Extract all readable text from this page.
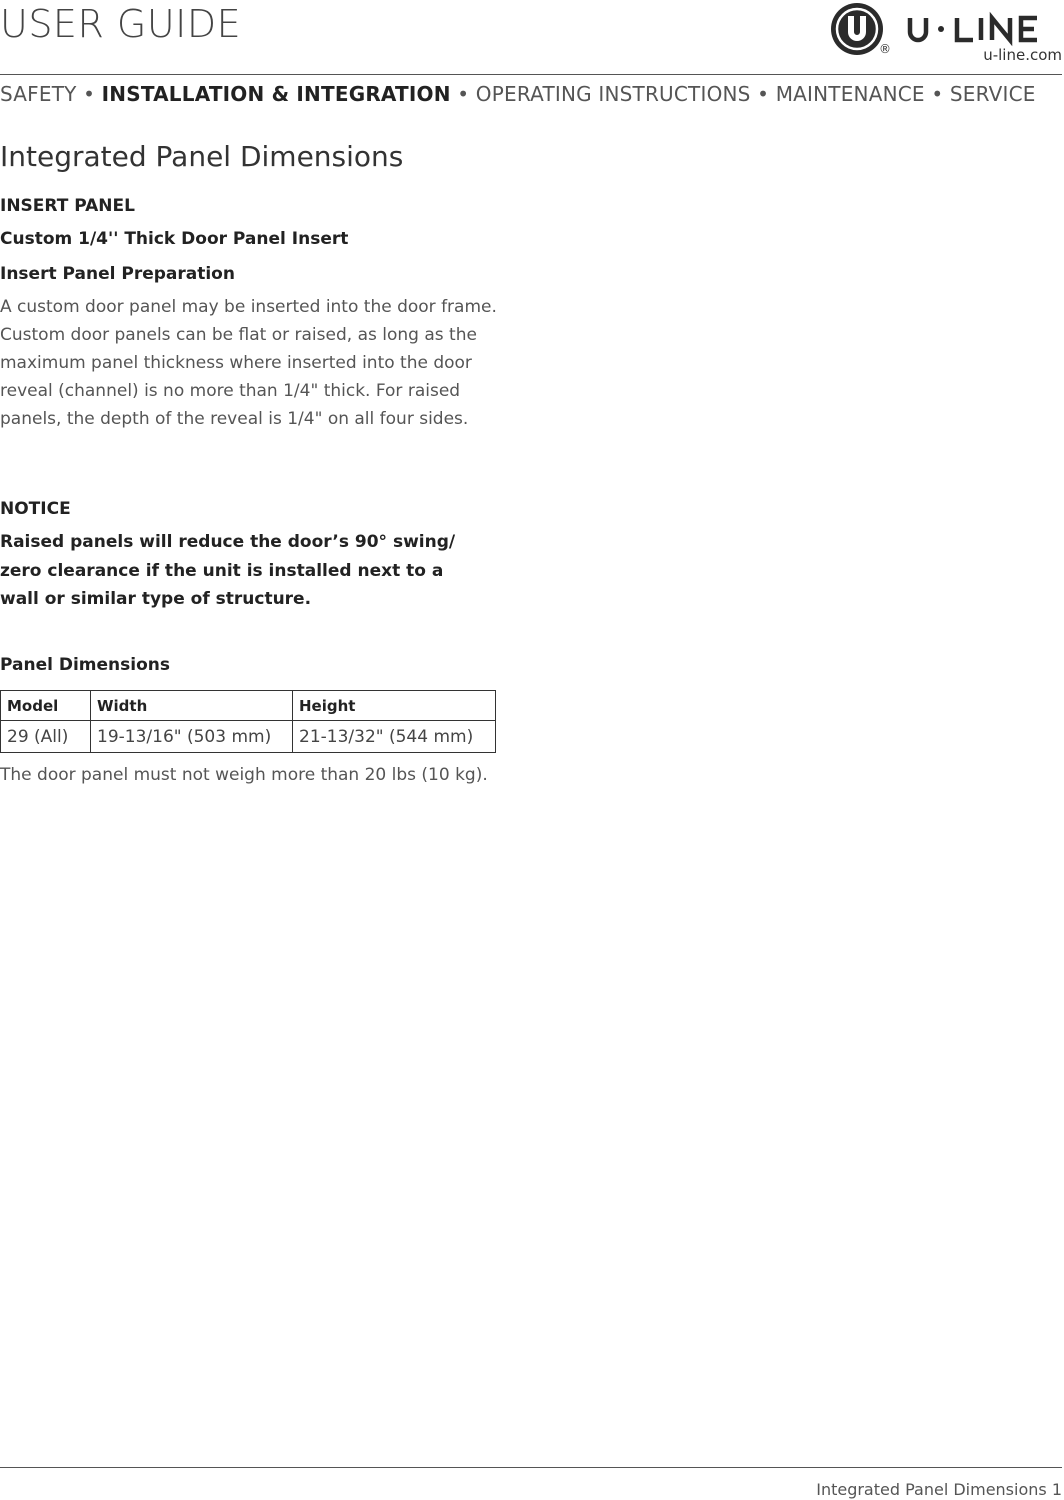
USER GUIDE
®	u-line.com
SAFETY • INSTALLATION & INTEGRATION • OPERATING INSTRUCTIONS • MAINTENANCE • SERVICE
Integrated Panel Dimensions
INSERT PANEL
Custom 1/4'' Thick Door Panel Insert
Insert Panel Preparation
A custom door panel may be inserted into the door frame.
Custom door panels can be flat or raised, as long as the
maximum panel thickness where inserted into the door
reveal (channel) is no more than 1/4" thick. For raised
panels, the depth of the reveal is 1/4" on all four sides.
NOTICE
Raised panels will reduce the door’s 90° swing/
zero clearance if the unit is installed next to a
wall or similar type of structure.
Panel Dimensions
Model	Width	Height
29 (All)	19-13/16" (503 mm)	21-13/32" (544 mm)
The door panel must not weigh more than 20 lbs (10 kg).
Integrated Panel Dimensions 1
